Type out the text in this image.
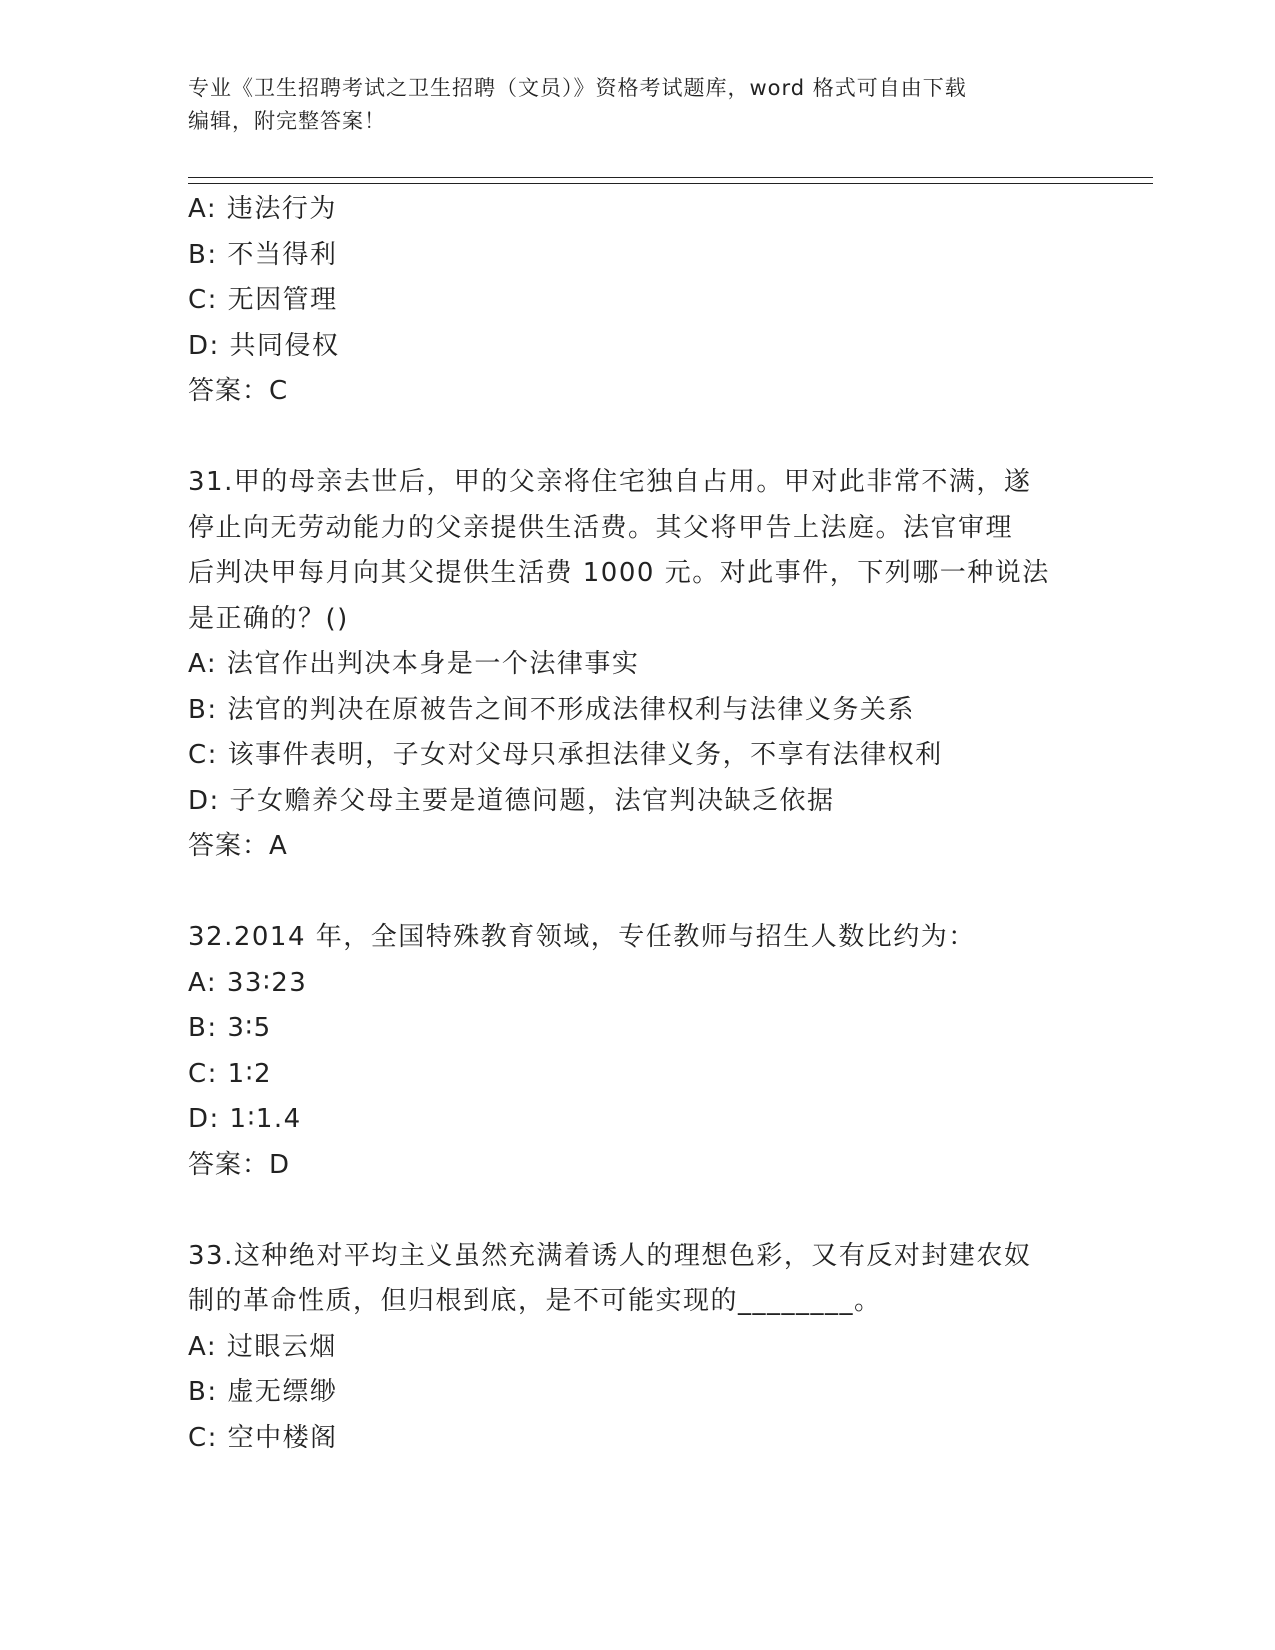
专业《卫生招聘考试之卫生招聘（文员）》资格考试题库，word 格式可自由下载
编辑，附完整答案！
A: 违法行为
B: 不当得利
C: 无因管理
D: 共同侵权
答案：C
31.甲的母亲去世后，甲的父亲将住宅独自占用。甲对此非常不满，遂
停止向无劳动能力的父亲提供生活费。其父将甲告上法庭。法官审理
后判决甲每月向其父提供生活费 1000 元。对此事件，下列哪一种说法
是正确的？()
A: 法官作出判决本身是一个法律事实
B: 法官的判决在原被告之间不形成法律权利与法律义务关系
C: 该事件表明，子女对父母只承担法律义务，不享有法律权利
D: 子女赡养父母主要是道德问题，法官判决缺乏依据
答案：A
32.2014 年，全国特殊教育领域，专任教师与招生人数比约为：
A: 33∶23
B: 3∶5
C: 1∶2
D: 1∶1.4
答案：D
33.这种绝对平均主义虽然充满着诱人的理想色彩，又有反对封建农奴
制的革命性质，但归根到底，是不可能实现的________。
A: 过眼云烟
B: 虚无缥缈
C: 空中楼阁
